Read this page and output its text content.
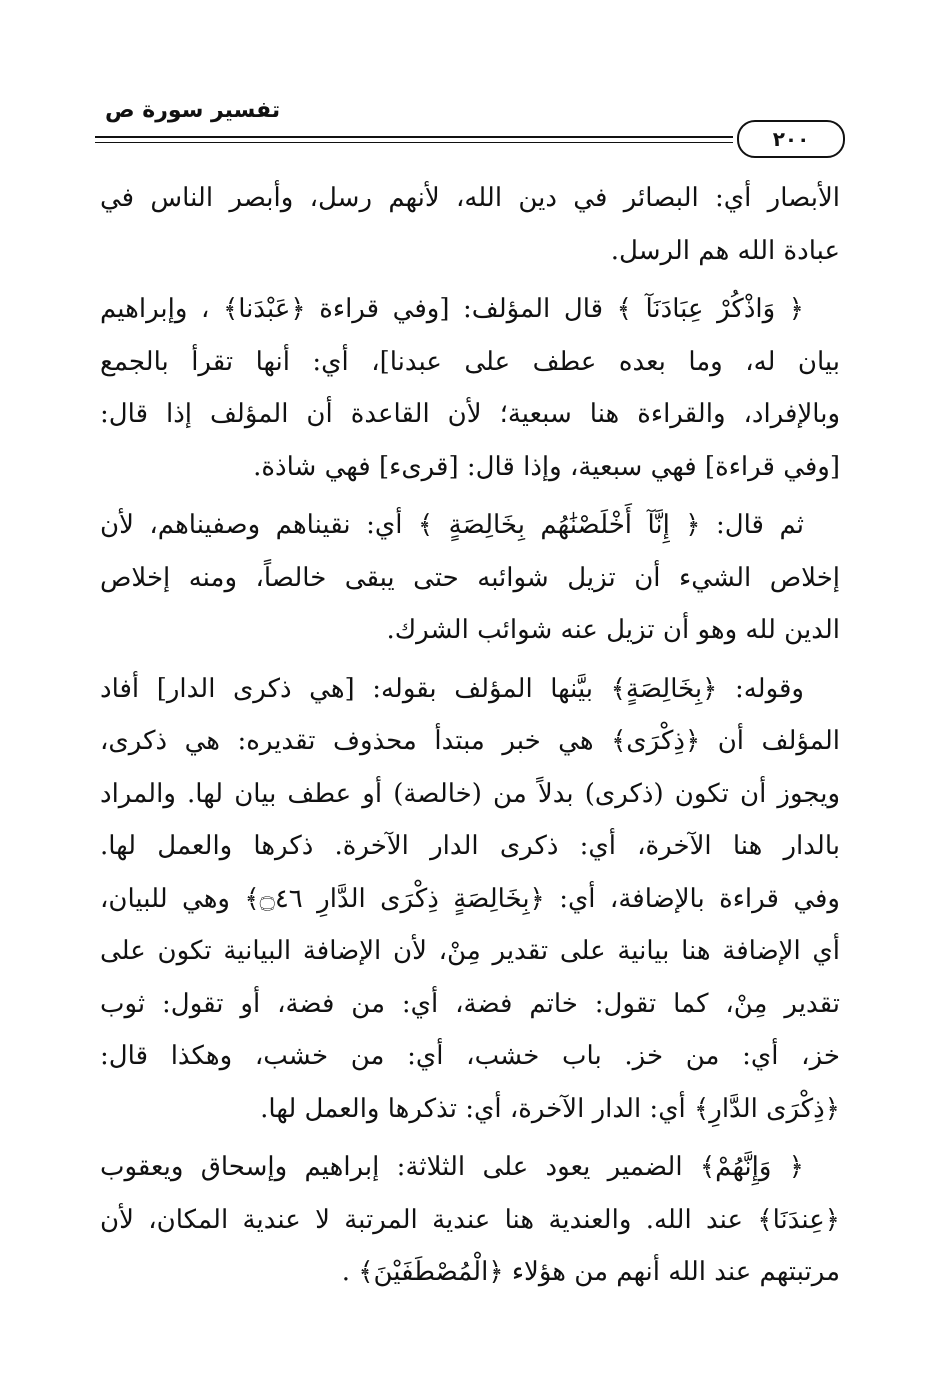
تفسير سورة ص
٢٠٠

الأبصار أي: البصائر في دين الله، لأنهم رسل، وأبصر الناس في
عبادة الله هم الرسل.

﴿ وَاذْكُرْ عِبَادَنَآ ﴾ قال المؤلف: [وفي قراءة ﴿عَبْدَنا﴾ ، وإبراهيم
بيان له، وما بعده عطف على عبدنا]، أي: أنها تقرأ بالجمع
وبالإفراد، والقراءة هنا سبعية؛ لأن القاعدة أن المؤلف إذا قال:
[وفي قراءة] فهي سبعية، وإذا قال: [قرىء] فهي شاذة.

ثم قال: ﴿ إِنَّآ أَخْلَصْنَٰهُم بِخَالِصَةٍ ﴾ أي: نقيناهم وصفيناهم، لأن
إخلاص الشيء أن تزيل شوائبه حتى يبقى خالصاً، ومنه إخلاص
الدين لله وهو أن تزيل عنه شوائب الشرك.

وقوله: ﴿بِخَالِصَةٍ﴾ بيَّنها المؤلف بقوله: [هي ذكرى الدار] أفاد
المؤلف أن ﴿ذِكْرَى﴾ هي خبر مبتدأ محذوف تقديره: هي ذكرى،
ويجوز أن تكون (ذكرى) بدلاً من (خالصة) أو عطف بيان لها. والمراد
بالدار هنا الآخرة، أي: ذكرى الدار الآخرة. ذكرها والعمل لها.
وفي قراءة بالإضافة، أي: ﴿بِخَالِصَةٍ ذِكْرَى الدَّارِ ۝٤٦﴾ وهي للبيان،
أي الإضافة هنا بيانية على تقدير مِنْ، لأن الإضافة البيانية تكون على
تقدير مِنْ، كما تقول: خاتم فضة، أي: من فضة، أو تقول: ثوب
خز، أي: من خز. باب خشب، أي: من خشب، وهكذا قال:
﴿ذِكْرَى الدَّارِ﴾ أي: الدار الآخرة، أي: تذكرها والعمل لها.

﴿ وَإِنَّهُمْ﴾ الضمير يعود على الثلاثة: إبراهيم وإسحاق ويعقوب
﴿عِندَنَا﴾ عند الله. والعندية هنا عندية المرتبة لا عندية المكان، لأن
مرتبتهم عند الله أنهم من هؤلاء ﴿الْمُصْطَفَيْنَ﴾ .
